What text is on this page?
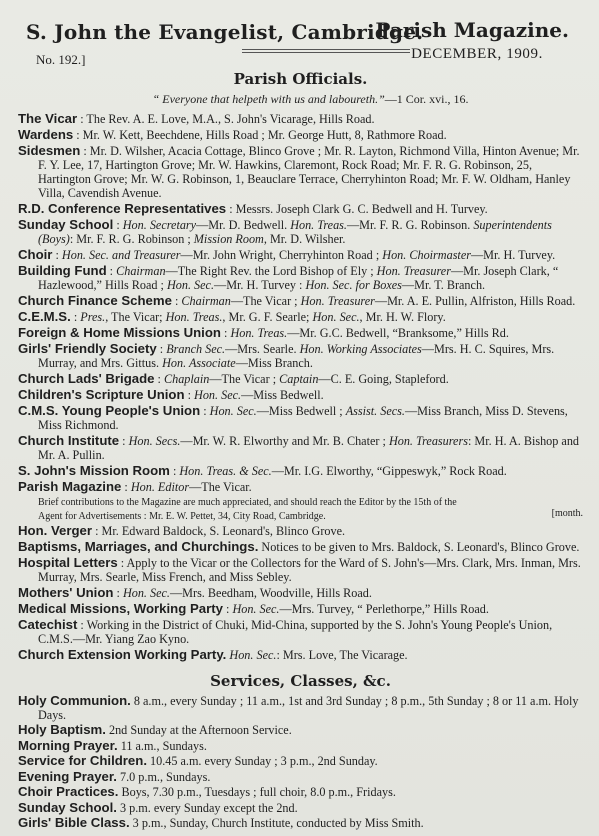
S. John the Evangelist, Cambridge.
Parish Magazine.
No. 192.]	DECEMBER, 1909.
Parish Officials.
“ Everyone that helpeth with us and laboureth.”—1 Cor. xvi., 16.

The Vicar : The Rev. A. E. Love, M.A., S. John's Vicarage, Hills Road.

Wardens : Mr. W. Kett, Beechdene, Hills Road ; Mr. George Hutt, 8, Rathmore Road.

Sidesmen : Mr. D. Wilsher, Acacia Cottage, Blinco Grove ; Mr. R. Layton, Richmond Villa, Hinton Avenue; Mr. F. Y. Lee, 17, Hartington Grove; Mr. W. Hawkins, Claremont, Rock Road; Mr. F. R. G. Robinson, 25, Hartington Grove; Mr. W. G. Robinson, 1, Beauclare Terrace, Cherryhinton Road; Mr. F. W. Oldham, Hanley Villa, Cavendish Avenue.

R.D. Conference Representatives : Messrs. Joseph Clark G. C. Bedwell and H. Turvey.

Sunday School : Hon. Secretary—Mr. D. Bedwell. Hon. Treas.—Mr. F. R. G. Robinson. Superintendents (Boys): Mr. F. R. G. Robinson ; Mission Room, Mr. D. Wilsher.

Choir : Hon. Sec. and Treasurer—Mr. John Wright, Cherryhinton Road ; Hon. Choirmaster—Mr. H. Turvey.

Building Fund : Chairman—The Right Rev. the Lord Bishop of Ely ; Hon. Treasurer—Mr. Joseph Clark, “ Hazlewood,” Hills Road ; Hon. Sec.—Mr. H. Turvey : Hon. Sec. for Boxes—Mr. T. Branch.

Church Finance Scheme : Chairman—The Vicar ; Hon. Treasurer—Mr. A. E. Pullin, Alfriston, Hills Road.

C.E.M.S. : Pres., The Vicar; Hon. Treas., Mr. G. F. Searle; Hon. Sec., Mr. H. W. Flory.

Foreign & Home Missions Union : Hon. Treas.—Mr. G.C. Bedwell, “Branksome,” Hills Rd.

Girls' Friendly Society : Branch Sec.—Mrs. Searle. Hon. Working Associates—Mrs. H. C. Squires, Mrs. Murray, and Mrs. Gittus. Hon. Associate—Miss Branch.

Church Lads' Brigade : Chaplain—The Vicar ; Captain—C. E. Going, Stapleford.

Children's Scripture Union : Hon. Sec.—Miss Bedwell.

C.M.S. Young People's Union : Hon. Sec.—Miss Bedwell ; Assist. Secs.—Miss Branch, Miss D. Stevens, Miss Richmond.

Church Institute : Hon. Secs.—Mr. W. R. Elworthy and Mr. B. Chater ; Hon. Treasurers: Mr. H. A. Bishop and Mr. A. Pullin.

S. John's Mission Room : Hon. Treas. & Sec.—Mr. I.G. Elworthy, “Gippeswyk,” Rock Road.

Parish Magazine : Hon. Editor—The Vicar.
Brief contributions to the Magazine are much appreciated, and should reach the Editor by the 15th of the
Agent for Advertisements : Mr. E. W. Pettet, 34, City Road, Cambridge.	[month.

Hon. Verger : Mr. Edward Baldock, S. Leonard's, Blinco Grove.

Baptisms, Marriages, and Churchings. Notices to be given to Mrs. Baldock, S. Leonard's, Blinco Grove.

Hospital Letters : Apply to the Vicar or the Collectors for the Ward of S. John's—Mrs. Clark, Mrs. Inman, Mrs. Murray, Mrs. Searle, Miss French, and Miss Sebley.

Mothers' Union : Hon. Sec.—Mrs. Beedham, Woodville, Hills Road.

Medical Missions, Working Party : Hon. Sec.—Mrs. Turvey, “ Perlethorpe,” Hills Road.

Catechist : Working in the District of Chuki, Mid-China, supported by the S. John's Young People's Union, C.M.S.—Mr. Yiang Zao Kyno.

Church Extension Working Party. Hon. Sec.: Mrs. Love, The Vicarage.

Services, Classes, &c.

Holy Communion. 8 a.m., every Sunday ; 11 a.m., 1st and 3rd Sunday ; 8 p.m., 5th Sunday ; 8 or 11 a.m. Holy Days.

Holy Baptism. 2nd Sunday at the Afternoon Service.

Morning Prayer. 11 a.m., Sundays.

Service for Children. 10.45 a.m. every Sunday ; 3 p.m., 2nd Sunday.

Evening Prayer. 7.0 p.m., Sundays.

Choir Practices. Boys, 7.30 p.m., Tuesdays ; full choir, 8.0 p.m., Fridays.

Sunday School. 3 p.m. every Sunday except the 2nd.

Girls' Bible Class. 3 p.m., Sunday, Church Institute, conducted by Miss Smith.
